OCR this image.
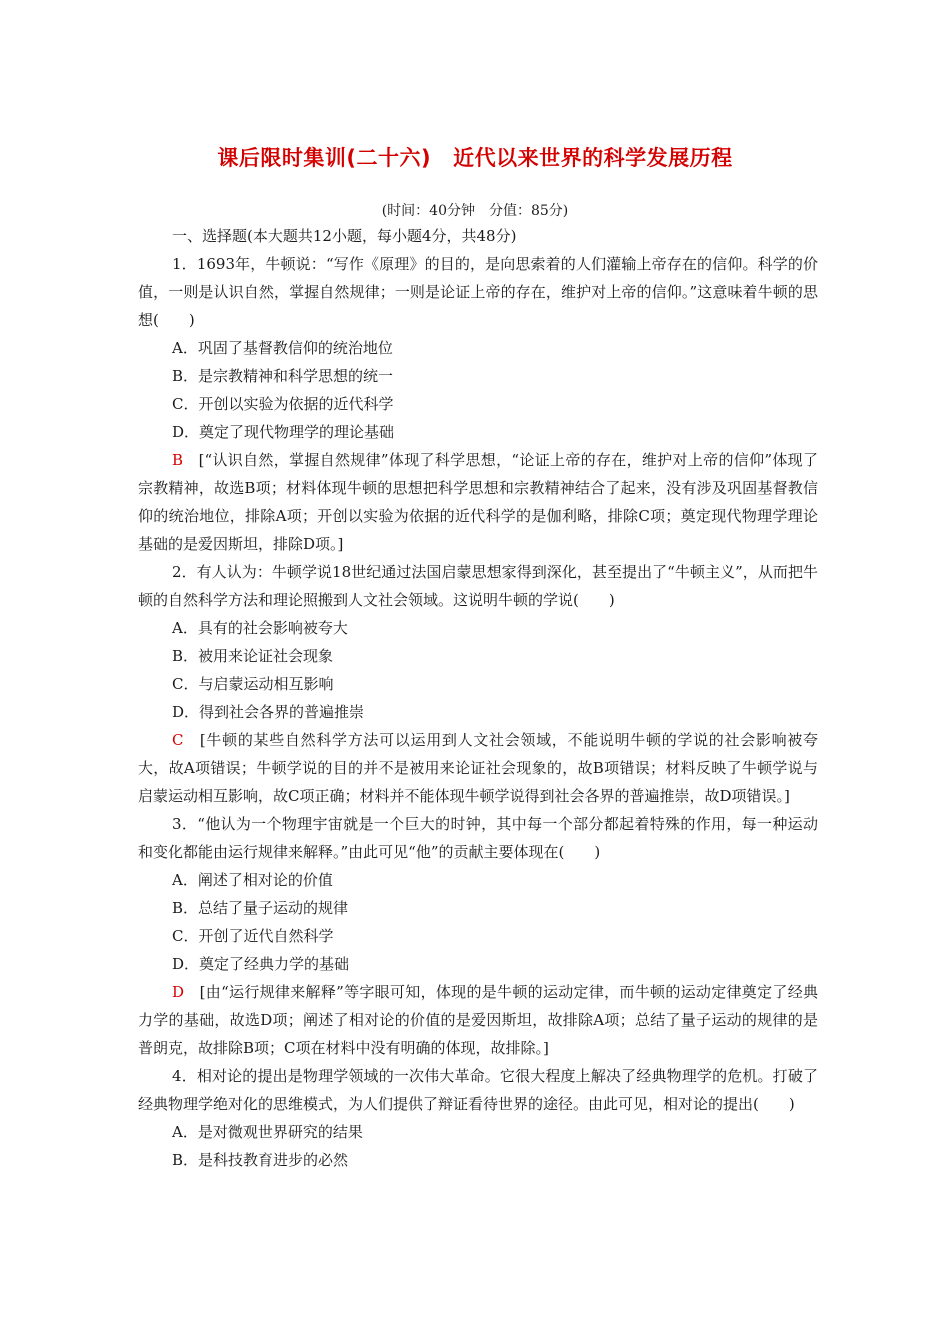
课后限时集训(二十六) 近代以来世界的科学发展历程
(时间：40分钟　分值：85分)

一、选择题(本大题共12小题，每小题4分，共48分)

1．1693年，牛顿说：“写作《原理》的目的，是向思索着的人们灌输上帝存在的信仰。科学的价值，一则是认识自然，掌握自然规律；一则是论证上帝的存在，维护对上帝的信仰。”这意味着牛顿的思想(　　)

A．巩固了基督教信仰的统治地位

B．是宗教精神和科学思想的统一

C．开创以实验为依据的近代科学

D．奠定了现代物理学的理论基础

B　[“认识自然，掌握自然规律”体现了科学思想，“论证上帝的存在，维护对上帝的信仰”体现了宗教精神，故选B项；材料体现牛顿的思想把科学思想和宗教精神结合了起来，没有涉及巩固基督教信仰的统治地位，排除A项；开创以实验为依据的近代科学的是伽利略，排除C项；奠定现代物理学理论基础的是爱因斯坦，排除D项。]

2．有人认为：牛顿学说18世纪通过法国启蒙思想家得到深化，甚至提出了“牛顿主义”，从而把牛顿的自然科学方法和理论照搬到人文社会领域。这说明牛顿的学说(　　)

A．具有的社会影响被夸大

B．被用来论证社会现象

C．与启蒙运动相互影响

D．得到社会各界的普遍推崇

C　[牛顿的某些自然科学方法可以运用到人文社会领域，不能说明牛顿的学说的社会影响被夸大，故A项错误；牛顿学说的目的并不是被用来论证社会现象的，故B项错误；材料反映了牛顿学说与启蒙运动相互影响，故C项正确；材料并不能体现牛顿学说得到社会各界的普遍推崇，故D项错误。]

3．“他认为一个物理宇宙就是一个巨大的时钟，其中每一个部分都起着特殊的作用，每一种运动和变化都能由运行规律来解释。”由此可见“他”的贡献主要体现在(　　)

A．阐述了相对论的价值

B．总结了量子运动的规律

C．开创了近代自然科学

D．奠定了经典力学的基础

D　[由“运行规律来解释”等字眼可知，体现的是牛顿的运动定律，而牛顿的运动定律奠定了经典力学的基础，故选D项；阐述了相对论的价值的是爱因斯坦，故排除A项；总结了量子运动的规律的是普朗克，故排除B项；C项在材料中没有明确的体现，故排除。]

4．相对论的提出是物理学领域的一次伟大革命。它很大程度上解决了经典物理学的危机。打破了经典物理学绝对化的思维模式，为人们提供了辩证看待世界的途径。由此可见，相对论的提出(　　)

A．是对微观世界研究的结果

B．是科技教育进步的必然
